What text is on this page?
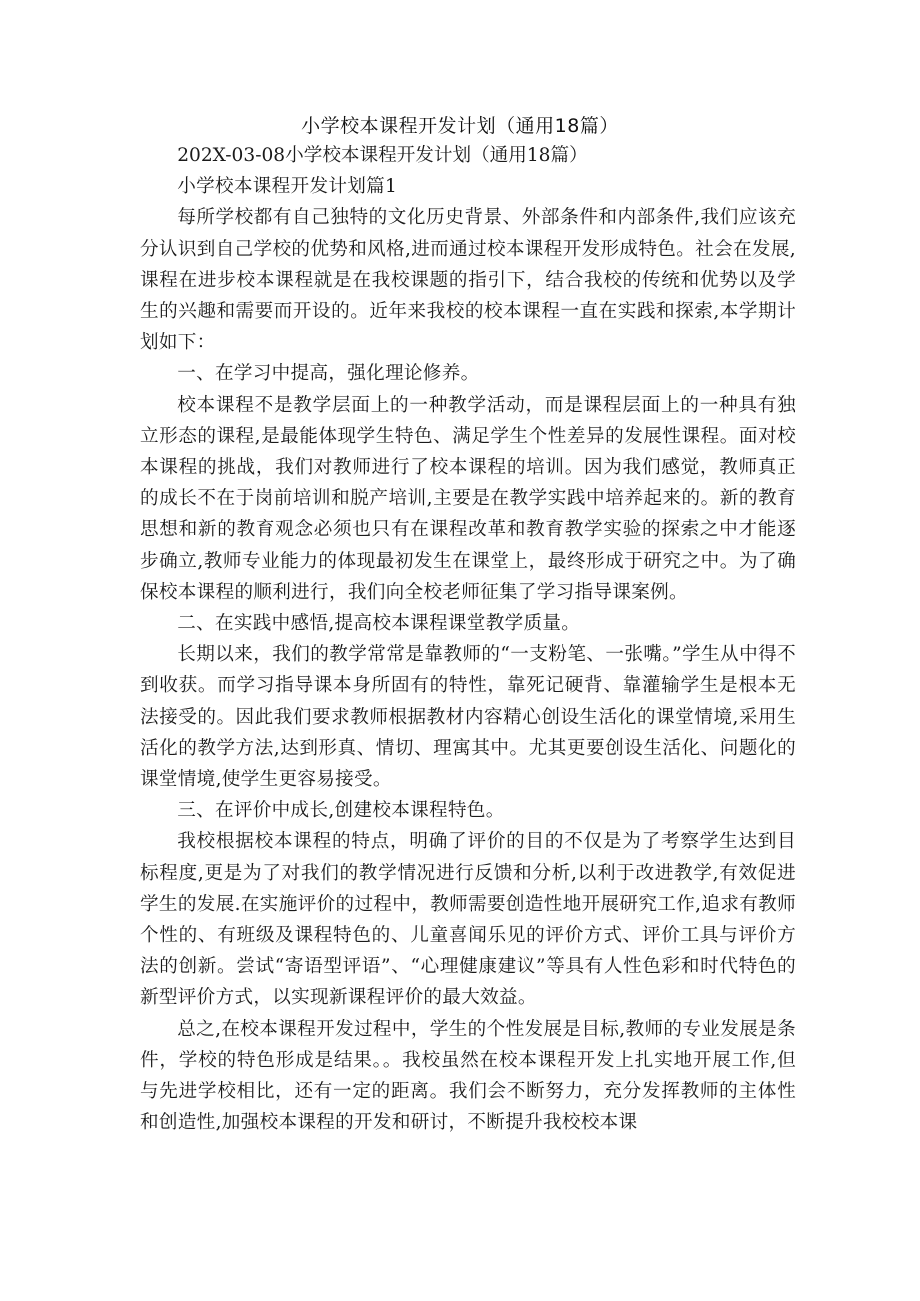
小学校本课程开发计划（通用18篇）

202X-03-08小学校本课程开发计划（通用18篇）

小学校本课程开发计划篇1

每所学校都有自己独特的文化历史背景、外部条件和内部条件,我们应该充分认识到自己学校的优势和风格,进而通过校本课程开发形成特色。社会在发展,课程在进步校本课程就是在我校课题的指引下，结合我校的传统和优势以及学生的兴趣和需要而开设的。近年来我校的校本课程一直在实践和探索,本学期计划如下：

一、在学习中提高，强化理论修养。

校本课程不是教学层面上的一种教学活动，而是课程层面上的一种具有独立形态的课程,是最能体现学生特色、满足学生个性差异的发展性课程。面对校本课程的挑战，我们对教师进行了校本课程的培训。因为我们感觉，教师真正的成长不在于岗前培训和脱产培训,主要是在教学实践中培养起来的。新的教育思想和新的教育观念必须也只有在课程改革和教育教学实验的探索之中才能逐步确立,教师专业能力的体现最初发生在课堂上，最终形成于研究之中。为了确保校本课程的顺利进行，我们向全校老师征集了学习指导课案例。

二、在实践中感悟,提高校本课程课堂教学质量。

长期以来，我们的教学常常是靠教师的“一支粉笔、一张嘴。”学生从中得不到收获。而学习指导课本身所固有的特性，靠死记硬背、靠灌输学生是根本无法接受的。因此我们要求教师根据教材内容精心创设生活化的课堂情境,采用生活化的教学方法,达到形真、情切、理寓其中。尤其更要创设生活化、问题化的课堂情境,使学生更容易接受。

三、在评价中成长,创建校本课程特色。

我校根据校本课程的特点，明确了评价的目的不仅是为了考察学生达到目标程度,更是为了对我们的教学情况进行反馈和分析,以利于改进教学,有效促进学生的发展.在实施评价的过程中，教师需要创造性地开展研究工作,追求有教师个性的、有班级及课程特色的、儿童喜闻乐见的评价方式、评价工具与评价方法的创新。尝试“寄语型评语”、“心理健康建议”等具有人性色彩和时代特色的新型评价方式，以实现新课程评价的最大效益。

总之,在校本课程开发过程中，学生的个性发展是目标,教师的专业发展是条件，学校的特色形成是结果。。我校虽然在校本课程开发上扎实地开展工作,但与先进学校相比，还有一定的距离。我们会不断努力，充分发挥教师的主体性和创造性,加强校本课程的开发和研讨，不断提升我校校本课
